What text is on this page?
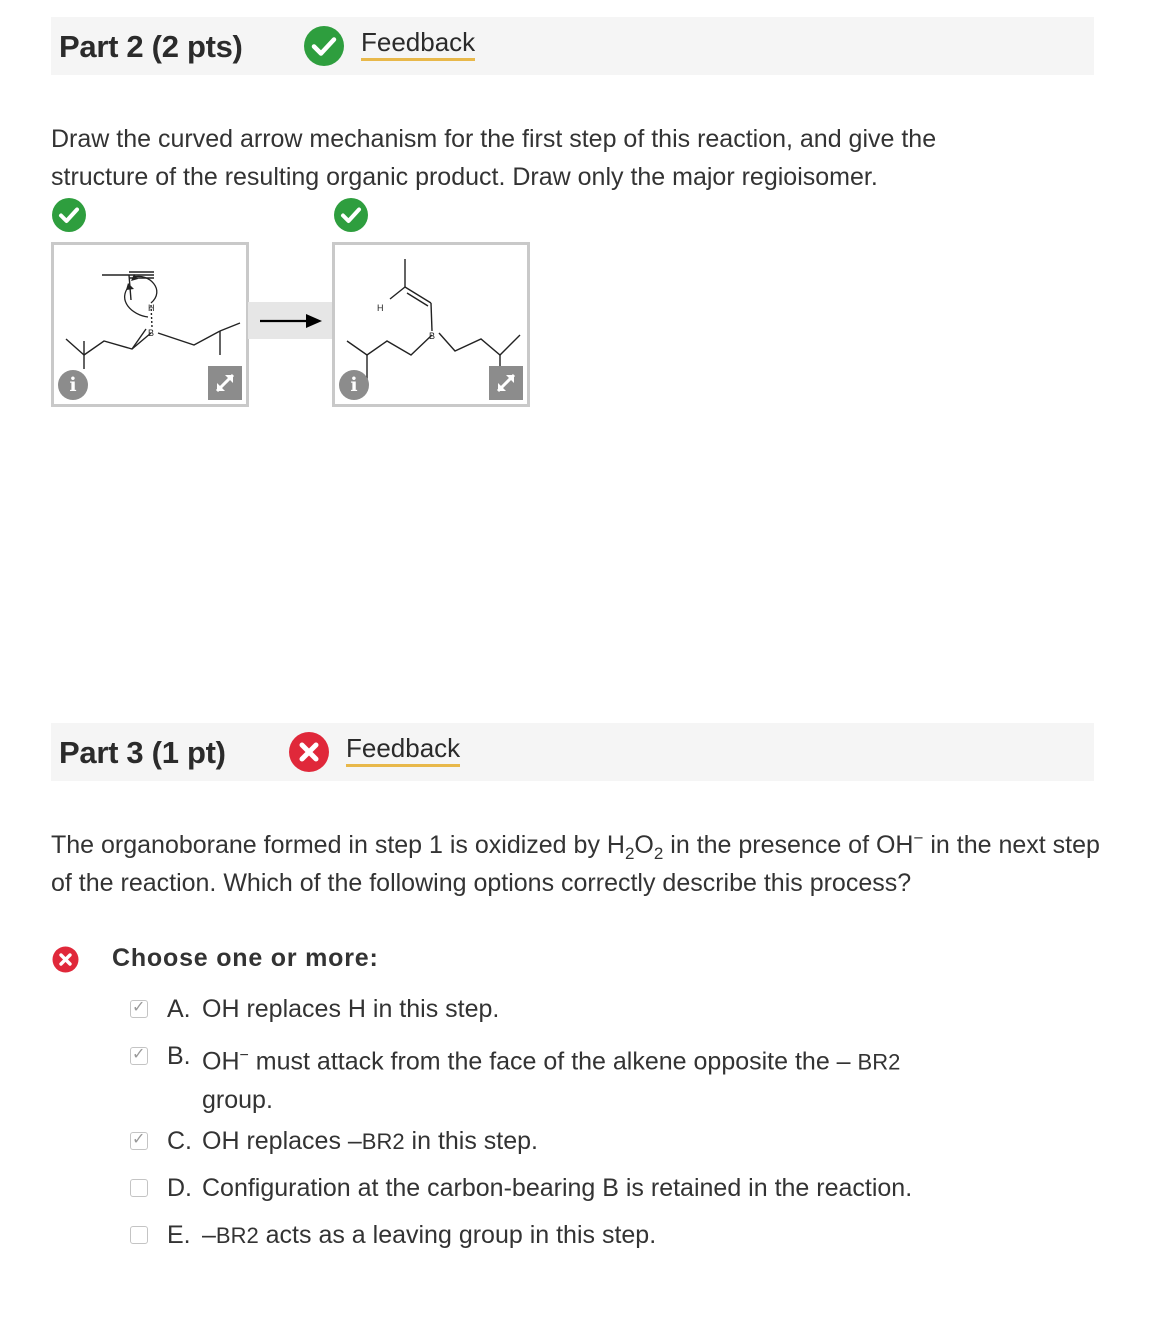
Part 2 (2 pts)	Feedback
Draw the curved arrow mechanism for the first step of this reaction, and give the structure of the resulting organic product. Draw only the major regioisomer.
H
B
i
H
B
i
Part 3 (1 pt)	Feedback
The organoborane formed in step 1 is oxidized by $H_2O_2$ in the presence of OH− in the next step of the reaction. Which of the following options correctly describe this process?
Choose one or more:
✓ A. OH replaces H in this step.
✓ B. OH− must attack from the face of the alkene opposite the – BR2 group.
✓ C. OH replaces –BR2 in this step.
D. Configuration at the carbon-bearing B is retained in the reaction.
E. –BR2 acts as a leaving group in this step.
